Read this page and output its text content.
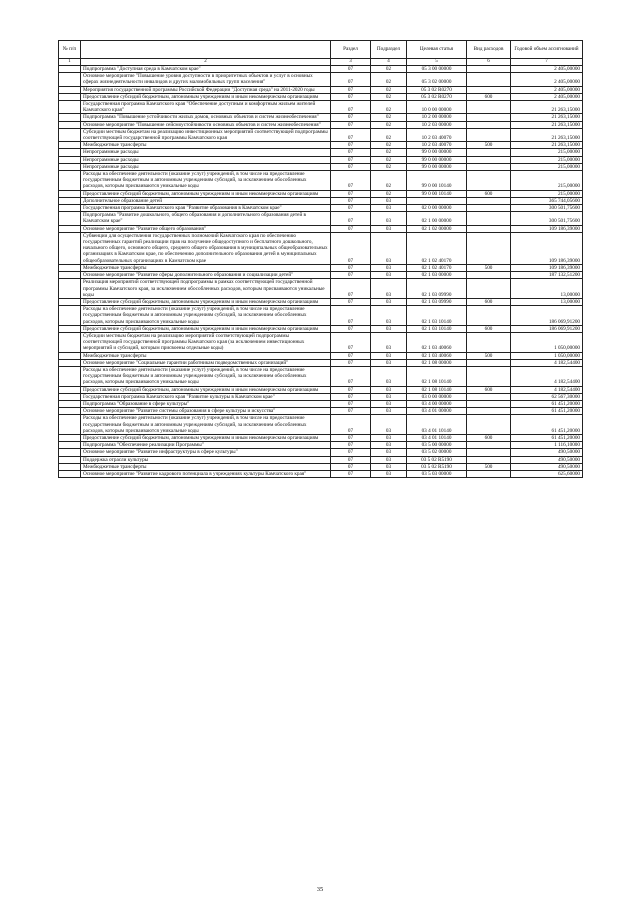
№ п/п		Раздел	Подраздел	Целевая статья	Вид расходов	Годовой объем ассигнований
1	2	3	4	5	6	7
	Подпрограмма "Доступная среда в Камчатском крае"	07	02	05 3 00 00000		2 405,00000
	Основное мероприятие "Повышение уровня доступности в приоритетных объектов и услуг в основных сферах жизнедеятельности инвалидов и других маломобильных групп населения"	07	02	05 3 02 00000		2 405,00000
	Мероприятия государственной программы Российской Федерации "Доступная среда" на 2011-2020 годы	07	02	05 3 02 R0270		2 405,00000
	Предоставление субсидий бюджетным, автономным учреждениям и иным некоммерческим организациям	07	02	05 3 02 R0270	600	2 405,00000
	Государственная программа Камчатского края "Обеспечение доступным и комфортным жильем жителей Камчатского края"	07	02	10 0 00 00000		21 263,15000
	Подпрограмма "Повышение устойчивости жилых домов, основных объектов и систем жизнеобеспечения"	07	02	10 2 00 00000		21 263,15000
	Основное мероприятие "Повышение сейсмоустойчивости основных объектов и систем жизнеобеспечения"	07	02	10 2 03 00000		21 263,15000
	Субсидии местным бюджетам на реализацию инвестиционных мероприятий соответствующей подпрограммы соответствующей государственной программы Камчатского края	07	02	10 2 03 40070		21 263,15000
	Межбюджетные трансферты	07	02	10 2 03 40070	500	21 263,15000
	Непрограммные расходы	07	02	99 0 00 00000		215,00000
	Непрограммные расходы	07	02	99 0 00 00000		215,00000
	Непрограммные расходы	07	02	99 0 00 00000		215,00000
	Расходы на обеспечение деятельности (оказание услуг) учреждений, в том числе на предоставление государственным бюджетным и автономным учреждениям субсидий, за исключением обособленных расходов, которым присваиваются уникальные коды	07	02	99 0 00 10140		215,00000
	Предоставление субсидий бюджетным, автономным учреждениям и иным некоммерческим организациям	07	02	99 0 00 10140	600	215,00000
	Дополнительное образование детей	07	03			365 744,05600
	Государственная программа Камчатского края "Развитие образования в Камчатском крае"	07	03	02 0 00 00000		300 501,75600
	Подпрограмма "Развитие дошкольного, общего образования и дополнительного образования детей в Камчатском крае"	07	03	02 1 00 00000		300 501,75600
	Основное мероприятие "Развитие общего образования"	07	03	02 1 02 00000		109 186,39000
	Субвенции для осуществления государственных полномочий Камчатского края по обеспечению государственных гарантий реализации прав на получение общедоступного и бесплатного дошкольного, начального общего, основного общего, среднего общего образования в муниципальных общеобразовательных организациях в Камчатском крае, по обеспечению дополнительного образования детей в муниципальных общеобразовательных организациях в Камчатском крае	07	03	02 1 02 40170		109 186,39000
	Межбюджетные трансферты	07	03	02 1 02 40170	500	109 186,39000
	Основное мероприятие "Развитие сферы дополнительного образования и социализации детей"	07	03	02 1 03 00000		187 132,51200
	Реализация мероприятий соответствующей подпрограммы в рамках соответствующей государственной программы Камчатского края, за исключением обособленных расходов, которым присваиваются уникальные коды	07	03	02 1 03 09990		13,00000
	Предоставление субсидий бюджетным, автономным учреждениям и иным некоммерческим организациям	07	03	02 1 03 09990	600	13,00000
	Расходы на обеспечение деятельности (оказание услуг) учреждений, в том числе на предоставление государственным бюджетным и автономным учреждениям субсидий, за исключением обособленных расходов, которым присваиваются уникальные коды	07	03	02 1 03 10140		186 069,91200
	Предоставление субсидий бюджетным, автономным учреждениям и иным некоммерческим организациям	07	03	02 1 03 10140	600	186 069,91200
	Субсидии местным бюджетам на реализацию мероприятий соответствующей подпрограммы соответствующей государственной программы Камчатского края (за исключением инвестиционных мероприятий и субсидий, которым присвоены отдельные коды)	07	03	02 1 03 40060		1 050,00000
	Межбюджетные трансферты	07	03	02 1 03 40060	500	1 050,00000
	Основное мероприятие "Социальные гарантии работникам подведомственных организаций"	07	03	02 1 08 00000		4 182,54400
	Расходы на обеспечение деятельности (оказание услуг) учреждений, в том числе на предоставление государственным бюджетным и автономным учреждениям субсидий, за исключением обособленных расходов, которым присваиваются уникальные коды	07	03	02 1 08 10140		4 182,54400
	Предоставление субсидий бюджетным, автономным учреждениям и иным некоммерческим организациям	07	03	02 1 08 10140	600	4 182,54400
	Государственная программа Камчатского края "Развитие культуры в Камчатском крае"	07	03	03 0 00 00000		62 567,30000
	Подпрограмма "Образование в сфере культуры"	07	03	03 4 00 00000		61 451,20000
	Основное мероприятие "Развитие системы образования в сфере культуры и искусства"	07	03	03 4 01 00000		61 451,20000
	Расходы на обеспечение деятельности (оказание услуг) учреждений, в том числе на предоставление государственным бюджетным и автономным учреждениям субсидий, за исключением обособленных расходов, которым присваиваются уникальные коды	07	03	03 4 01 10140		61 451,20000
	Предоставление субсидий бюджетным, автономным учреждениям и иным некоммерческим организациям	07	03	03 4 01 10140	600	61 451,20000
	Подпрограмма "Обеспечение реализации Программы"	07	03	03 5 00 00000		1 116,10000
	Основное мероприятие "Развитие инфраструктуры в сфере культуры"	07	03	03 5 02 00000		490,50000
	Поддержка отрасли культуры	07	03	03 5 02 R5190		490,50000
	Межбюджетные трансферты	07	03	03 5 02 R5190	500	490,50000
	Основное мероприятие "Развитие кадрового потенциала в учреждениях культуры Камчатского края"	07	03	03 5 03 00000		625,60000
35
